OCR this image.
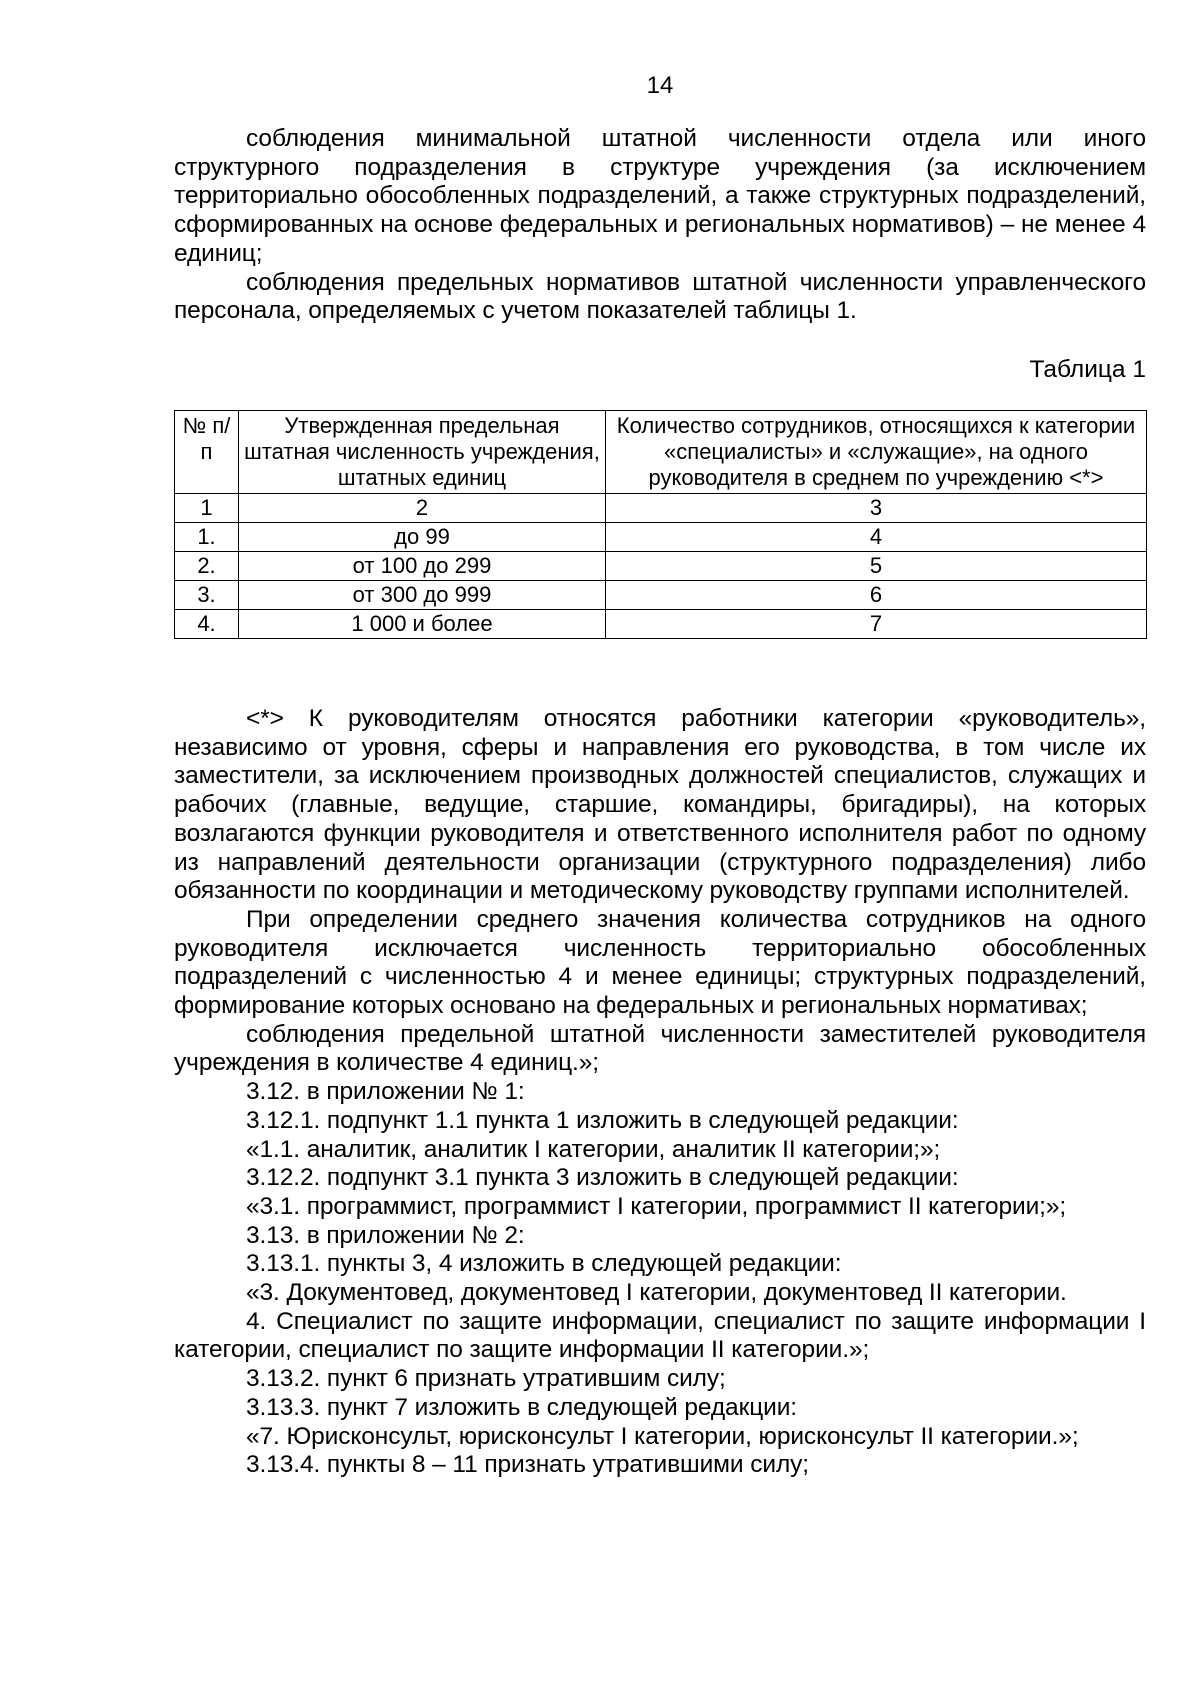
14

соблюдения минимальной штатной численности отдела или иного структурного подразделения в структуре учреждения (за исключением территориально обособленных подразделений, а также структурных подразделений, сформированных на основе федеральных и региональных нормативов) – не менее 4 единиц;

соблюдения предельных нормативов штатной численности управленческого персонала, определяемых с учетом показателей таблицы 1.

Таблица 1
№ п/п	Утвержденная предельная штатная численность учреждения, штатных единиц	Количество сотрудников, относящихся к категории «специалисты» и «служащие», на одного руководителя в среднем по учреждению <*>
1	2	3
1.	до 99	4
2.	от 100 до 299	5
3.	от 300 до 999	6
4.	1 000 и более	7

<*> К руководителям относятся работники категории «руководитель», независимо от уровня, сферы и направления его руководства, в том числе их заместители, за исключением производных должностей специалистов, служащих и рабочих (главные, ведущие, старшие, командиры, бригадиры), на которых возлагаются функции руководителя и ответственного исполнителя работ по одному из направлений деятельности организации (структурного подразделения) либо обязанности по координации и методическому руководству группами исполнителей.

При определении среднего значения количества сотрудников на одного руководителя исключается численность территориально обособленных подразделений с численностью 4 и менее единицы; структурных подразделений, формирование которых основано на федеральных и региональных нормативах;

соблюдения предельной штатной численности заместителей руководителя учреждения в количестве 4 единиц.»;

3.12. в приложении № 1:

3.12.1. подпункт 1.1 пункта 1 изложить в следующей редакции:

«1.1. аналитик, аналитик I категории, аналитик II категории;»;

3.12.2. подпункт 3.1 пункта 3 изложить в следующей редакции:

«3.1. программист, программист I категории, программист II категории;»;

3.13. в приложении № 2:

3.13.1. пункты 3, 4 изложить в следующей редакции:

«3. Документовед, документовед I категории, документовед II категории.

4. Специалист по защите информации, специалист по защите информации I категории, специалист по защите информации II категории.»;

3.13.2. пункт 6 признать утратившим силу;

3.13.3. пункт 7 изложить в следующей редакции:

«7. Юрисконсульт, юрисконсульт I категории, юрисконсульт II категории.»;

3.13.4. пункты 8 – 11 признать утратившими силу;
